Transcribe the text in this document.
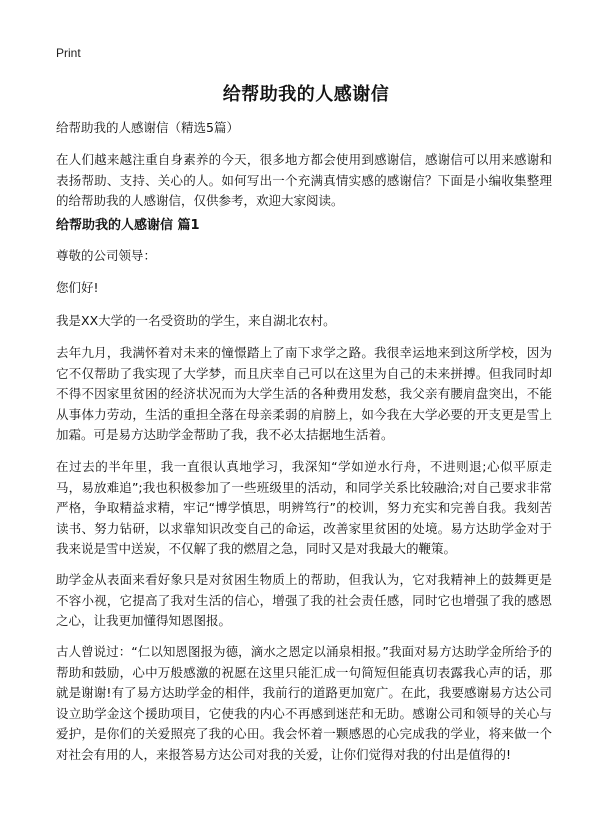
Print
给帮助我的人感谢信
给帮助我的人感谢信（精选5篇）
在人们越来越注重自身素养的今天，很多地方都会使用到感谢信，感谢信可以用来感谢和表扬帮助、支持、关心的人。如何写出一个充满真情实感的感谢信？下面是小编收集整理的给帮助我的人感谢信，仅供参考，欢迎大家阅读。
给帮助我的人感谢信 篇1
尊敬的公司领导：
您们好!
我是XX大学的一名受资助的学生，来自湖北农村。
去年九月，我满怀着对未来的憧憬踏上了南下求学之路。我很幸运地来到这所学校，因为它不仅帮助了我实现了大学梦，而且庆幸自己可以在这里为自己的未来拼搏。但我同时却不得不因家里贫困的经济状况而为大学生活的各种费用发愁，我父亲有腰肩盘突出，不能从事体力劳动，生活的重担全落在母亲柔弱的肩膀上，如今我在大学必要的开支更是雪上加霜。可是易方达助学金帮助了我，我不必太拮据地生活着。
在过去的半年里，我一直很认真地学习，我深知“学如逆水行舟，不进则退;心似平原走马，易放难追”;我也积极参加了一些班级里的活动，和同学关系比较融洽;对自己要求非常严格，争取精益求精，牢记“博学慎思，明辨笃行”的校训，努力充实和完善自我。我刻苦读书、努力钻研，以求靠知识改变自己的命运，改善家里贫困的处境。易方达助学金对于我来说是雪中送炭，不仅解了我的燃眉之急，同时又是对我最大的鞭策。
助学金从表面来看好象只是对贫困生物质上的帮助，但我认为，它对我精神上的鼓舞更是不容小视，它提高了我对生活的信心，增强了我的社会责任感，同时它也增强了我的感恩之心，让我更加懂得知恩图报。
古人曾说过：“仁以知恩图报为德，滴水之恩定以涌泉相报。”我面对易方达助学金所给予的帮助和鼓励，心中万般感激的祝愿在这里只能汇成一句简短但能真切表露我心声的话，那就是谢谢!有了易方达助学金的相伴，我前行的道路更加宽广。在此，我要感谢易方达公司设立助学金这个援助项目，它使我的内心不再感到迷茫和无助。感谢公司和领导的关心与爱护，是你们的关爱照亮了我的心田。我会怀着一颗感恩的心完成我的学业，将来做一个对社会有用的人，来报答易方达公司对我的关爱，让你们觉得对我的付出是值得的!
